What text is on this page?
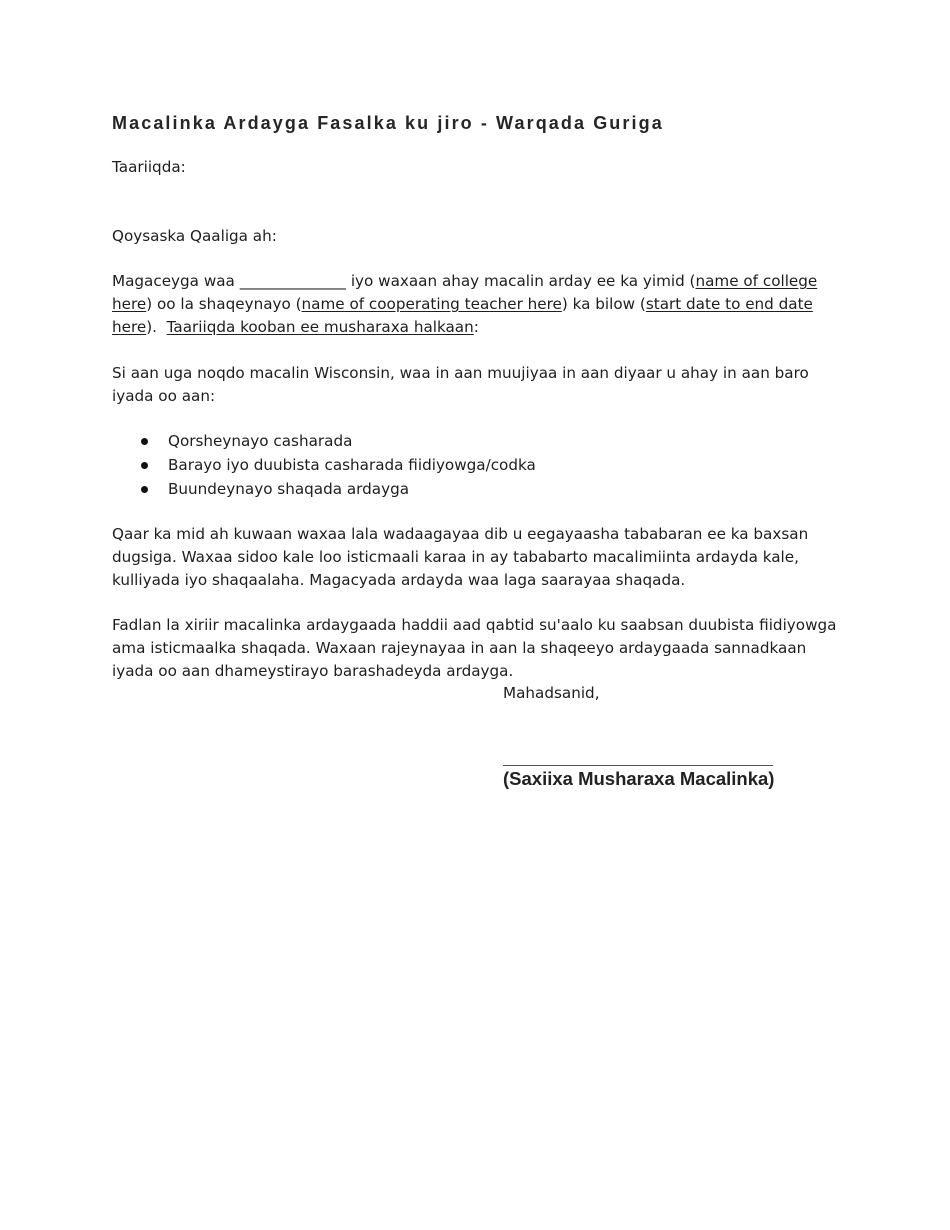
Macalinka Ardayga Fasalka ku jiro - Warqada Guriga
Taariiqda:
Qoysaska Qaaliga ah:

Magaceyga waa ______________ iyo waxaan ahay macalin arday ee ka yimid (name of college here) oo la shaqeynayo (name of cooperating teacher here) ka bilow (start date to end date here).  Taariiqda kooban ee musharaxa halkaan:

Si aan uga noqdo macalin Wisconsin, waa in aan muujiyaa in aan diyaar u ahay in aan baro iyada oo aan:

Qorsheynayo casharada
Barayo iyo duubista casharada fiidiyowga/codka
Buundeynayo shaqada ardayga

Qaar ka mid ah kuwaan waxaa lala wadaagayaa dib u eegayaasha tababaran ee ka baxsan dugsiga. Waxaa sidoo kale loo isticmaali karaa in ay tababarto macalimiinta ardayda kale, kulliyada iyo shaqaalaha. Magacyada ardayda waa laga saarayaa shaqada.

Fadlan la xiriir macalinka ardaygaada haddii aad qabtid su'aalo ku saabsan duubista fiidiyowga ama isticmaalka shaqada. Waxaan rajeynayaa in aan la shaqeeyo ardaygaada sannadkaan iyada oo aan dhameystirayo barashadeyda ardayga.

Mahadsanid,
(Saxiixa Musharaxa Macalinka)
